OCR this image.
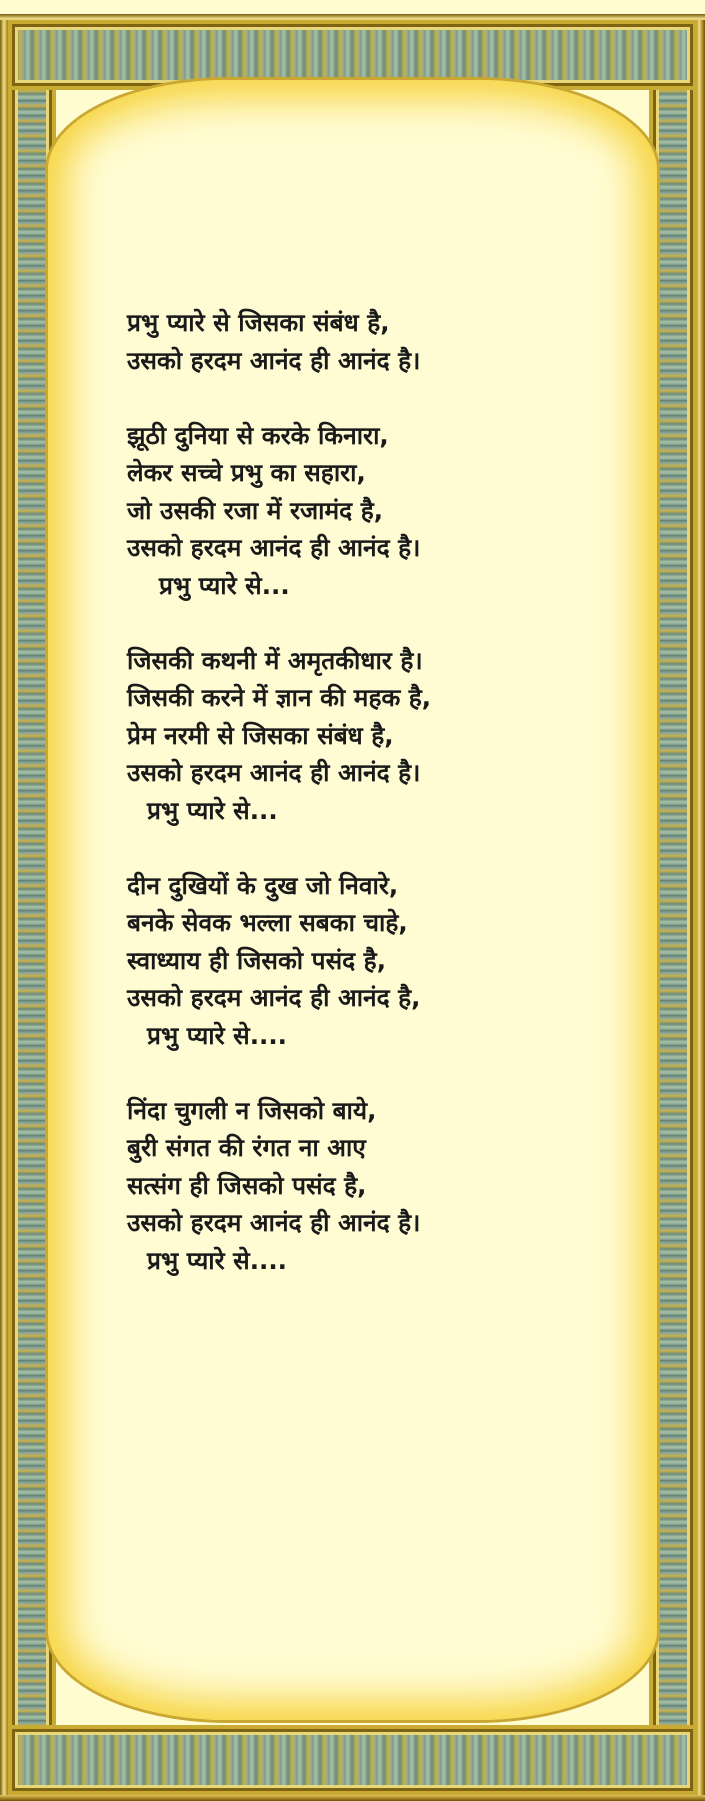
प्रभु प्यारे से जिसका संबंध है,
उसको हरदम आनंद ही आनंद है।
झूठी दुनिया से करके किनारा,
लेकर सच्चे प्रभु का सहारा,
जो उसकी रजा में रजामंद है,
उसको हरदम आनंद ही आनंद है।
प्रभु प्यारे से...
जिसकी कथनी में अमृतकीधार है।
जिसकी करने में ज्ञान की महक है,
प्रेम नरमी से जिसका संबंध है,
उसको हरदम आनंद ही आनंद है।
प्रभु प्यारे से...
दीन दुखियों के दुख जो निवारे,
बनके सेवक भल्ला सबका चाहे,
स्वाध्याय ही जिसको पसंद है,
उसको हरदम आनंद ही आनंद है,
प्रभु प्यारे से....
निंदा चुगली न जिसको बाये,
बुरी संगत की रंगत ना आए
सत्संग ही जिसको पसंद है,
उसको हरदम आनंद ही आनंद है।
प्रभु प्यारे से....
